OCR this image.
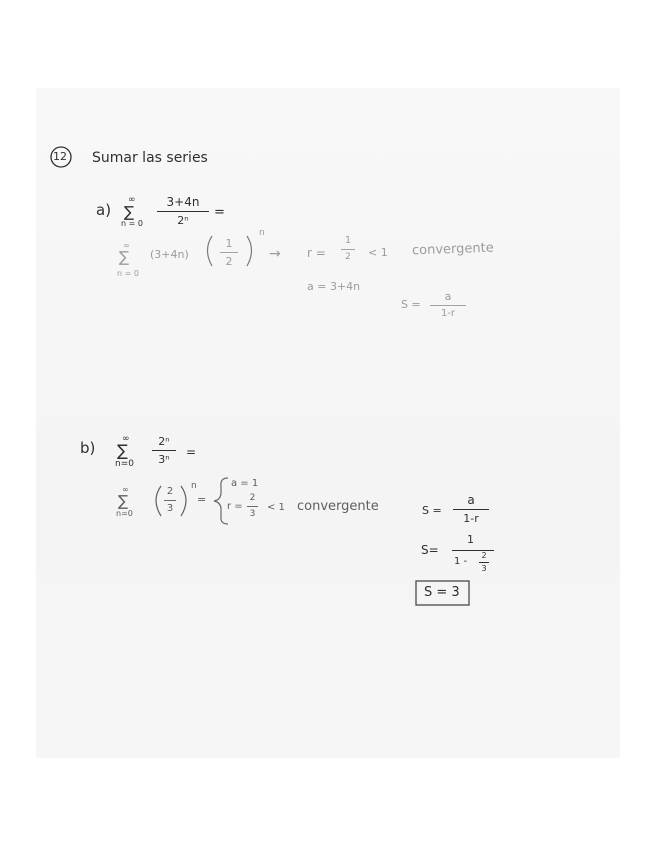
12 Sumar las series
a)
∞
∑
n = 0
3+4n
2ⁿ
=
∞
∑
n = 0
(3+4n)
1
2
n
→ r =
1
2 < 1 convergente
a = 3+4n
S =
a
1-r
b)	∞
∑
n=0
2ⁿ
3ⁿ
=
∞
∑
n=0
2
3
n
=
a = 1
r =
2
3
< 1 convergente	S =
a
1-r
S=
1
1 -
2
3
S = 3
